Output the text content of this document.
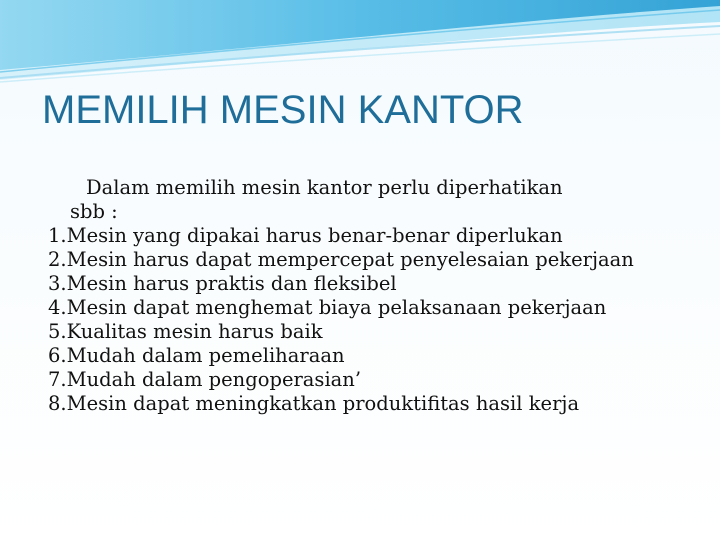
MEMILIH MESIN KANTOR

Dalam memilih mesin kantor perlu diperhatikan
sbb :

1.Mesin yang dipakai harus benar-benar diperlukan
2.Mesin harus dapat mempercepat penyelesaian pekerjaan
3.Mesin harus praktis dan fleksibel
4.Mesin dapat menghemat biaya pelaksanaan pekerjaan
5.Kualitas mesin harus baik
6.Mudah dalam pemeliharaan
7.Mudah dalam pengoperasian’
8.Mesin dapat meningkatkan produktifitas hasil kerja
